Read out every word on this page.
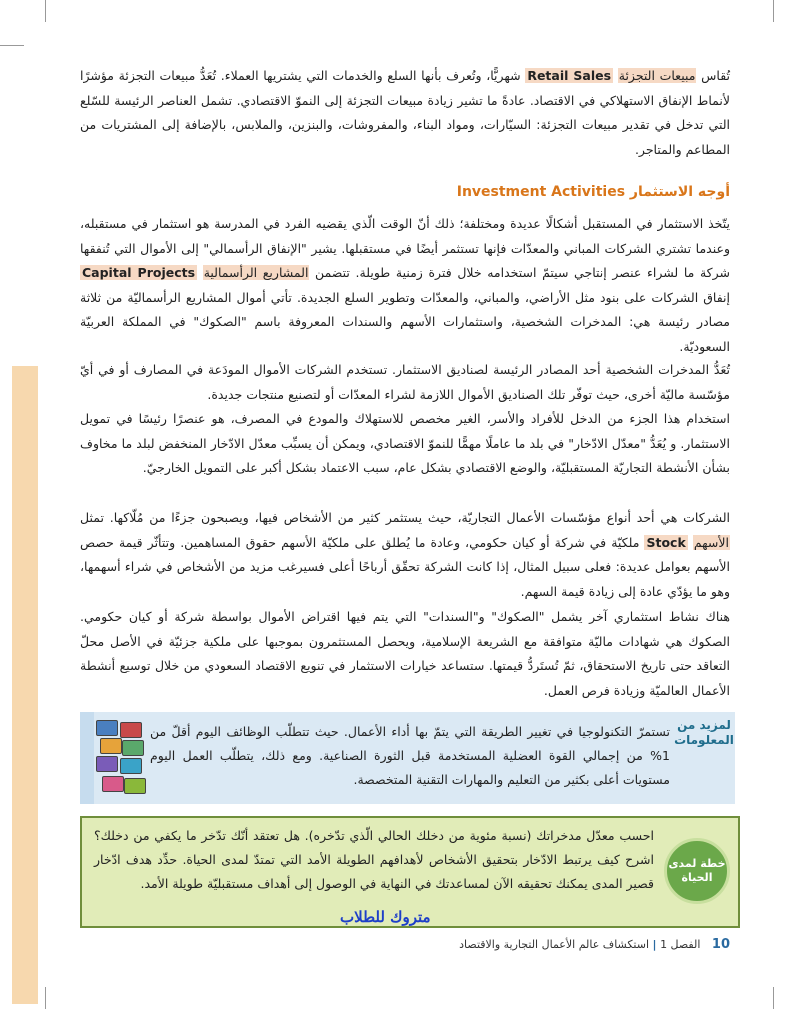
تُقاس مبيعات التجزئة Retail Sales شهريًّا، وتُعرف بأنها السلع والخدمات التي يشتريها العملاء. تُعَدُّ مبيعات التجزئة مؤشرًا لأنماط الإنفاق الاستهلاكي في الاقتصاد. عادةً ما تشير زيادة مبيعات التجزئة إلى النموّ الاقتصادي. تشمل العناصر الرئيسة للسّلع التي تدخل في تقدير مبيعات التجزئة: السيّارات، ومواد البناء، والمفروشات، والبنزين، والملابس، بالإضافة إلى المشتريات من المطاعم والمتاجر.

أوجه الاستثمار Investment Activities

يتّخذ الاستثمار في المستقبل أشكالًا عديدة ومختلفة؛ ذلك أنّ الوقت الّذي يقضيه الفرد في المدرسة هو استثمار في مستقبله، وعندما تشتري الشركات المباني والمعدّات فإنها تستثمر أيضًا في مستقبلها. يشير "الإنفاق الرأسمالي" إلى الأموال التي تُنفقها شركة ما لشراء عنصر إنتاجي سيتمّ استخدامه خلال فترة زمنية طويلة. تتضمن المشاريع الرأسمالية Capital Projects إنفاق الشركات على بنود مثل الأراضي، والمباني، والمعدّات وتطوير السلع الجديدة. تأتي أموال المشاريع الرأسماليّة من ثلاثة مصادر رئيسة هي: المدخرات الشخصية، واستثمارات الأسهم والسندات المعروفة باسم "الصكوك" في المملكة العربيّة السعوديّة.

تُعَدُّ المدخرات الشخصية أحد المصادر الرئيسة لصناديق الاستثمار. تستخدم الشركات الأموال المودَعة في المصارف أو في أيّ مؤسّسة ماليّة أخرى، حيث توفّر تلك الصناديق الأموال اللازمة لشراء المعدّات أو لتصنيع منتجات جديدة.

استخدام هذا الجزء من الدخل للأفراد والأسر، الغير مخصص للاستهلاك والمودع في المصرف، هو عنصرًا رئيسًا في تمويل الاستثمار. و يُعَدُّ "معدّل الادّخار" في بلد ما عاملًا مهمًّا للنموّ الاقتصادي، ويمكن أن يسبِّب معدّل الادّخار المنخفض لبلد ما مخاوف بشأن الأنشطة التجاريّة المستقبليّة، والوضع الاقتصادي بشكل عام، سبب الاعتماد بشكل أكبر على التمويل الخارجيّ.

الشركات هي أحد أنواع مؤسّسات الأعمال التجاريّة، حيث يستثمر كثير من الأشخاص فيها، ويصبحون جزءًا من مُلّاكها. تمثل الأسهم Stock ملكيّة في شركة أو كيان حكومي، وعادة ما يُطلق على ملكيّة الأسهم حقوق المساهمين. وتتأثّر قيمة حصص الأسهم بعوامل عديدة: فعلى سبيل المثال، إذا كانت الشركة تحقّق أرباحًا أعلى فسيرغب مزيد من الأشخاص في شراء أسهمها، وهو ما يؤدّي عادة إلى زيادة قيمة السهم.

هناك نشاط استثماري آخر يشمل "الصكوك" و"السندات" التي يتم فيها اقتراض الأموال بواسطة شركة أو كيان حكومي. الصكوك هي شهادات ماليّة متوافقة مع الشريعة الإسلامية، ويحصل المستثمرون بموجبها على ملكية جزئيّة في الأصل محلّ التعاقد حتى تاريخ الاستحقاق، ثمّ تُستَردُّ قيمتها. ستساعد خيارات الاستثمار في تنويع الاقتصاد السعودي من خلال توسيع أنشطة الأعمال العالميّة وزيادة فرص العمل.

تستمرّ التكنولوجيا في تغيير الطريقة التي يتمّ بها أداء الأعمال. حيث تتطلّب الوظائف اليوم أقلّ من 1% من إجمالي القوة العضلية المستخدمة قبل الثورة الصناعية. ومع ذلك، يتطلّب العمل اليوم مستويات أعلى بكثير من التعليم والمهارات التقنية المتخصصة.
لمزيد من المعلومات
احسب معدّل مدخراتك (نسبة مئوية من دخلك الحالي الّذي تدّخره). هل تعتقد أنّك تدّخر ما يكفي من دخلك؟ اشرح كيف يرتبط الادّخار بتحقيق الأشخاص لأهدافهم الطويلة الأمد التي تمتدّ لمدى الحياة. حدِّد هدف ادّخار قصير المدى يمكنك تحقيقه الآن لمساعدتك في النهاية في الوصول إلى أهداف مستقبليّة طويلة الأمد.
خطة لمدى الحياة
متروك للطلاب
10 الفصل 1 | استكشاف عالم الأعمال التجارية والاقتصاد
